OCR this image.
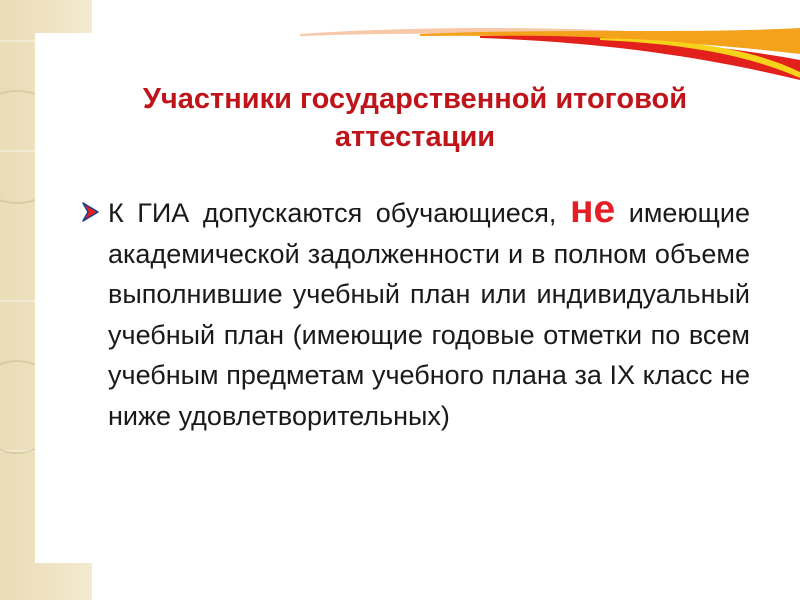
Участники государственной итоговой
аттестации
К ГИА допускаются обучающиеся, не имеющие академической задолженности и в полном объеме выполнившие учебный план или индивидуальный учебный план (имеющие годовые отметки по всем учебным предметам учебного плана за IX класс не ниже удовлетворительных)
